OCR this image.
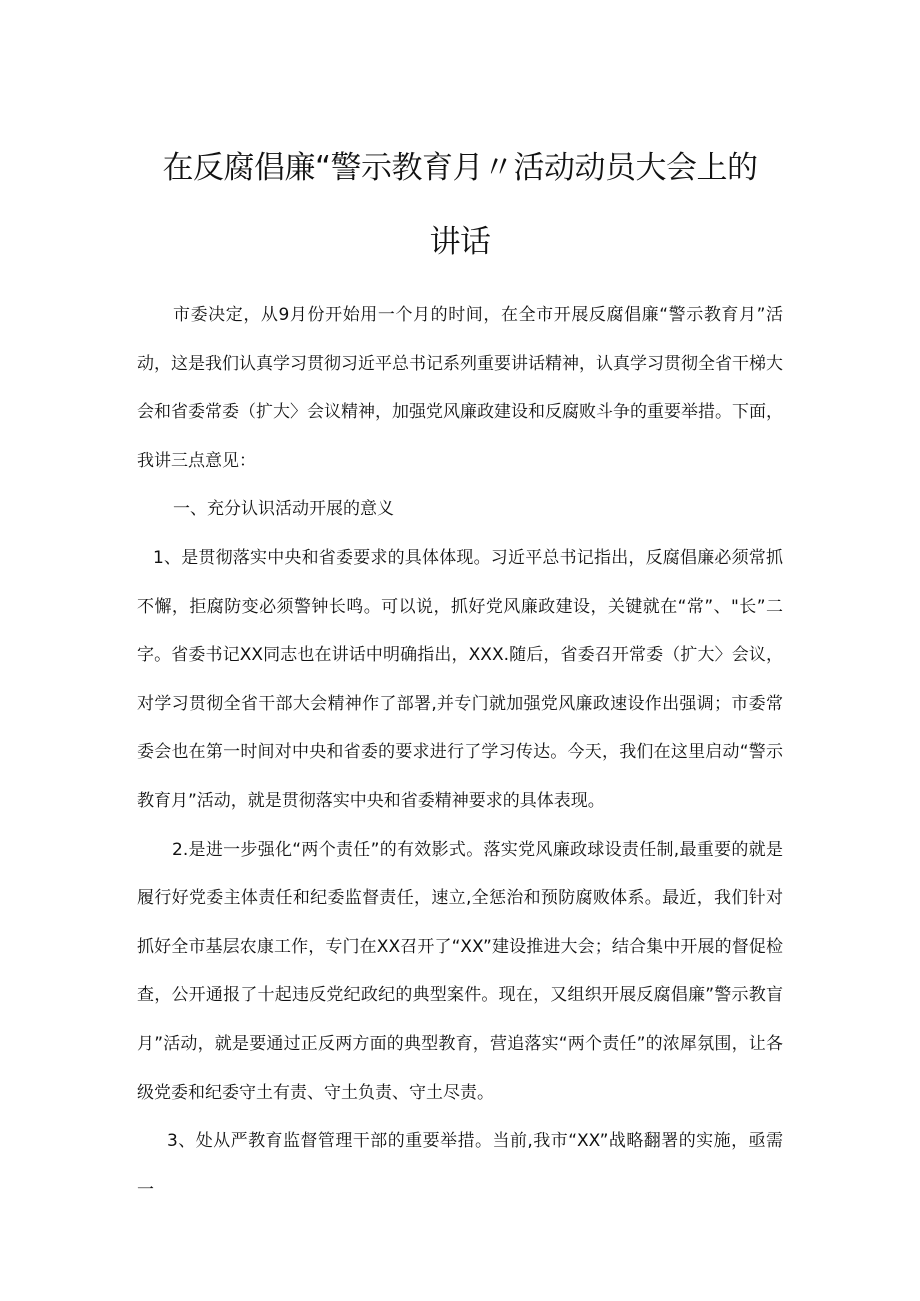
在反腐倡廉“警示教育月〃活动动员大会上的
讲话

市委决定，从9月份开始用一个月的时间，在全市开展反腐倡廉“警示教育月”活动，这是我们认真学习贯彻习近平总书记系列重要讲话精神，认真学习贯彻全省干梯大会和省委常委（扩大〉会议精神，加强党风廉政建设和反腐败斗争的重要举措。下面，我讲三点意见：

一、充分认识活动开展的意义

1、是贯彻落实中央和省委要求的具体体现。习近平总书记指出，反腐倡廉必须常抓不懈，拒腐防变必须警钟长鸣。可以说，抓好党风廉政建设，关键就在“常”、"长”二字。省委书记XX同志也在讲话中明确指出，XXX.随后，省委召开常委（扩大〉会议，对学习贯彻全省干部大会精神作了部署,并专门就加强党风廉政速设作出强调；市委常委会也在第一时间对中央和省委的要求进行了学习传达。今天，我们在这里启动“警示教育月”活动，就是贯彻落实中央和省委精神要求的具体表现。

2.是进一步强化“两个责任”的有效影式。落实党风廉政球设责任制,最重要的就是履行好党委主体责任和纪委监督责任，速立,全惩治和预防腐败体系。最近，我们针对抓好全市基层农康工作，专门在XX召开了“XX”建设推进大会；结合集中开展的督促检查，公开通报了十起违反党纪政纪的典型案件。现在，又组织开展反腐倡廉”警示教盲月”活动，就是要通过正反两方面的典型教育，营追落实“两个责任”的浓犀氛围，让各级党委和纪委守土有责、守土负责、守土尽责。

3、处从严教育监督管理干部的重要举措。当前,我市“XX”战略翻署的实施，亟需一
